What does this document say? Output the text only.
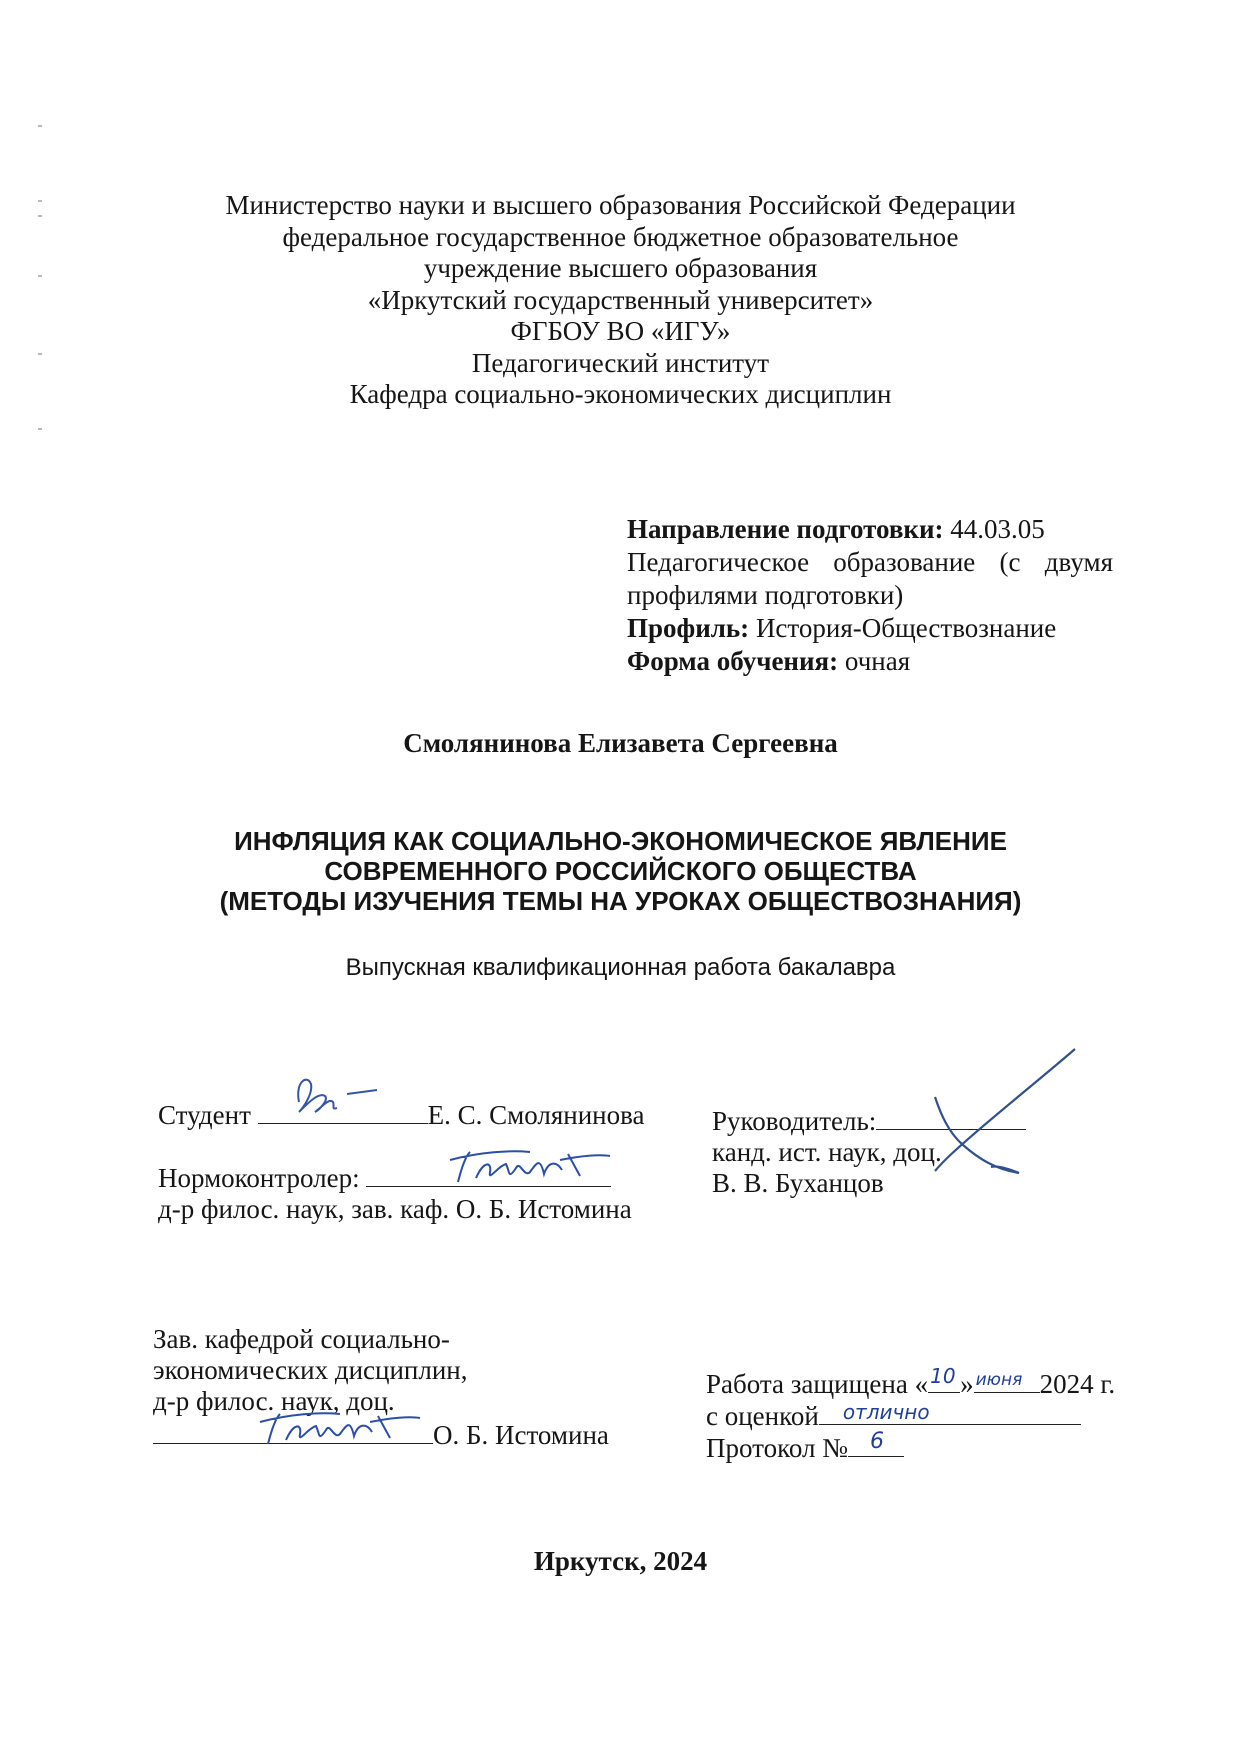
Министерство науки и высшего образования Российской Федерации
федеральное государственное бюджетное образовательное
учреждение высшего образования
«Иркутский государственный университет»
ФГБОУ ВО «ИГУ»
Педагогический институт
Кафедра социально-экономических дисциплин
Направление подготовки: 44.03.05
Педагогическое образование (с двумя
профилями подготовки)
Профиль: История-Обществознание
Форма обучения: очная
Смолянинова Елизавета Сергеевна
ИНФЛЯЦИЯ КАК СОЦИАЛЬНО-ЭКОНОМИЧЕСКОЕ ЯВЛЕНИЕ
СОВРЕМЕННОГО РОССИЙСКОГО ОБЩЕСТВА
(МЕТОДЫ ИЗУЧЕНИЯ ТЕМЫ НА УРОКАХ ОБЩЕСТВОЗНАНИЯ)
Выпускная квалификационная работа бакалавра
Студент	Е. С. Смолянинова
Нормоконтролер:
д-р филос. наук, зав. каф. О. Б. Истомина
Руководитель:
канд. ист. наук, доц.
В. В. Буханцов
Зав. кафедрой социально-
экономических дисциплин,
д-р филос. наук, доц.
О. Б. Истомина
Работа защищена « 10 » июня 2024 г.
с оценкой отлично
Протокол № 6
Иркутск, 2024
